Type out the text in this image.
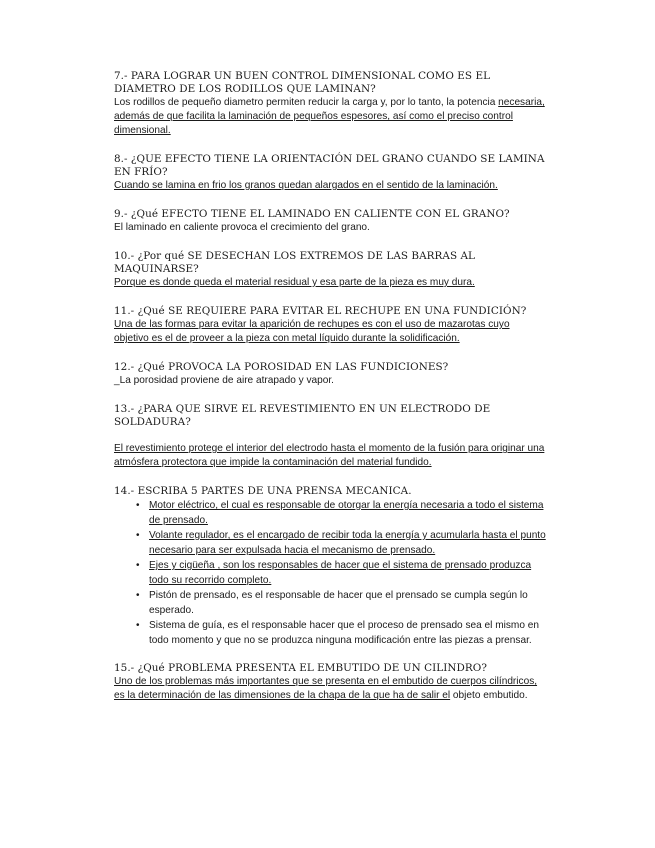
7.- PARA LOGRAR UN BUEN CONTROL DIMENSIONAL COMO ES EL DIAMETRO DE LOS RODILLOS QUE LAMINAN?

Los rodillos de pequeño diametro permiten reducir la carga y, por lo tanto, la potencia necesaria, además de que facilita la laminación de pequeños espesores, así como el preciso control dimensional.

8.- ¿QUE EFECTO TIENE LA ORIENTACIÓN DEL GRANO CUANDO SE LAMINA EN FRÍO?

Cuando se lamina en frio los granos quedan alargados en el sentido de la laminación.

9.- ¿Qué EFECTO TIENE EL LAMINADO EN CALIENTE CON EL GRANO?

El laminado en caliente provoca el crecimiento del grano.

10.- ¿Por qué SE DESECHAN LOS EXTREMOS DE LAS BARRAS AL MAQUINARSE?

Porque es donde queda el material residual y esa parte de la pieza es muy dura.

11.- ¿Qué SE REQUIERE PARA EVITAR EL RECHUPE EN UNA FUNDICIÓN?

Una de las formas para evitar la aparición de rechupes es con el uso de mazarotas cuyo objetivo es el de proveer a la pieza con metal líquido durante la solidificación.

12.- ¿Qué PROVOCA LA POROSIDAD EN LAS FUNDICIONES?

_La porosidad proviene de aire atrapado y vapor.

13.- ¿PARA QUE SIRVE EL REVESTIMIENTO EN UN ELECTRODO DE SOLDADURA?

El revestimiento protege el interior del electrodo hasta el momento de la fusión para originar una atmósfera protectora que impide la contaminación del material fundido.

14.- ESCRIBA 5 PARTES DE UNA PRENSA MECANICA.

• Motor eléctrico, el cual es responsable de otorgar la energía necesaria a todo el sistema de prensado.
• Volante regulador, es el encargado de recibir toda la energía y acumularla hasta el punto necesario para ser expulsada hacia el mecanismo de prensado.
• Ejes y cigüeña , son los responsables de hacer que el sistema de prensado produzca todo su recorrido completo.
• Pistón de prensado, es el responsable de hacer que el prensado se cumpla según lo esperado.
• Sistema de guía, es el responsable hacer que el proceso de prensado sea el mismo en todo momento y que no se produzca ninguna modificación entre las piezas a prensar.

15.- ¿Qué PROBLEMA PRESENTA EL EMBUTIDO DE UN CILINDRO?

Uno de los problemas más importantes que se presenta en el embutido de cuerpos cilíndricos, es la determinación de las dimensiones de la chapa de la que ha de salir el objeto embutido.
